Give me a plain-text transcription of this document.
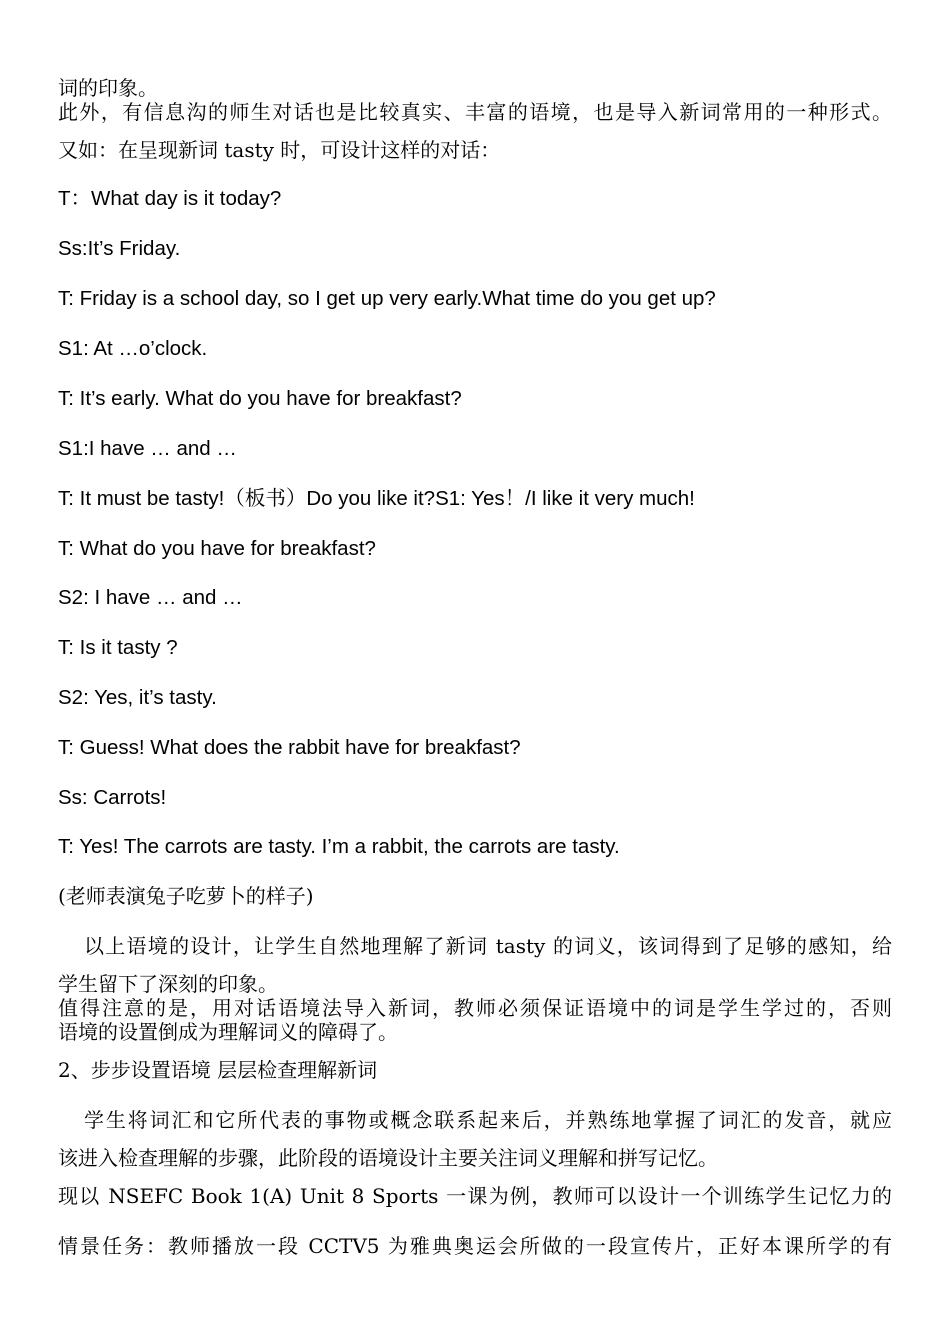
词的印象。
此外，有信息沟的师生对话也是比较真实、丰富的语境，也是导入新词常用的一种形式。
又如：在呈现新词 tasty 时，可设计这样的对话：
T：What day is it today?
Ss:It’s Friday.
T: Friday is a school day, so I get up very early.What time do you get up?
S1: At …o’clock.
T: It’s early. What do you have for breakfast?
S1:I have … and …
T: It must be tasty!（板书）Do you like it?S1: Yes！/I like it very much!
T: What do you have for breakfast?
S2: I have … and …
T: Is it tasty ?
S2: Yes, it’s tasty.
T: Guess! What does the rabbit have for breakfast?
Ss: Carrots!
T: Yes! The carrots are tasty. I’m a rabbit, the carrots are tasty.
(老师表演兔子吃萝卜的样子)
以上语境的设计，让学生自然地理解了新词 tasty 的词义，该词得到了足够的感知，给
学生留下了深刻的印象。
值得注意的是，用对话语境法导入新词，教师必须保证语境中的词是学生学过的，否则
语境的设置倒成为理解词义的障碍了。
2、步步设置语境 层层检查理解新词
学生将词汇和它所代表的事物或概念联系起来后，并熟练地掌握了词汇的发音，就应
该进入检查理解的步骤，此阶段的语境设计主要关注词义理解和拼写记忆。
现以 NSEFC Book 1(A) Unit 8 Sports 一课为例，教师可以设计一个训练学生记忆力的
情景任务：教师播放一段 CCTV5 为雅典奥运会所做的一段宣传片，正好本课所学的有
